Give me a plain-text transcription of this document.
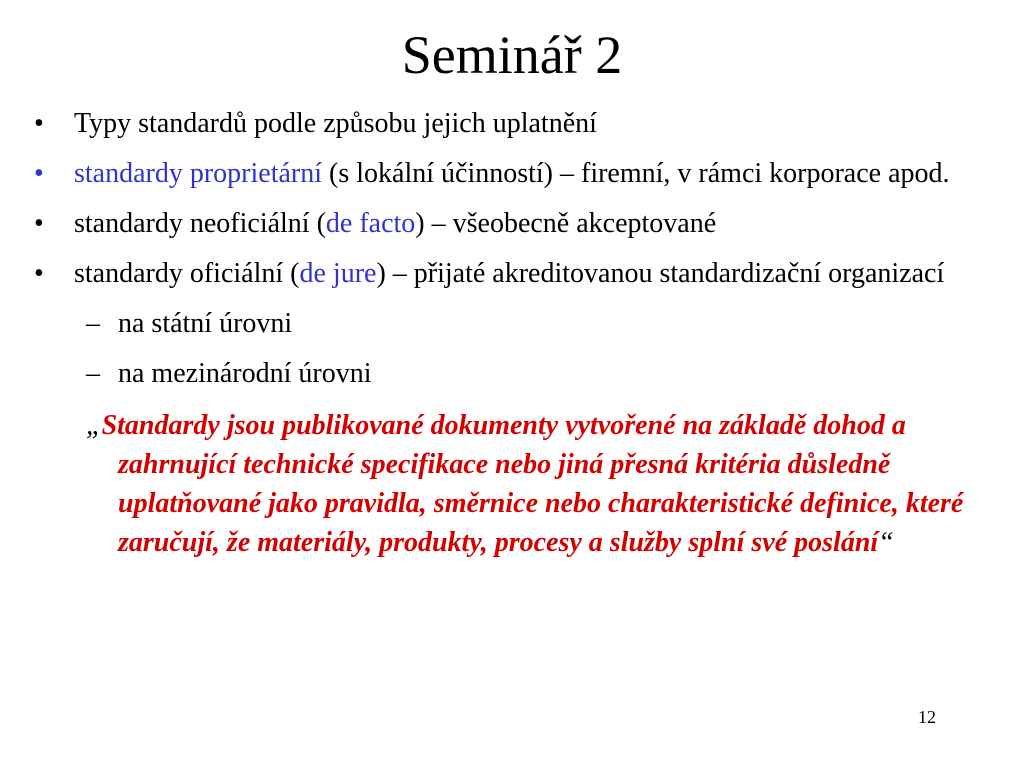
Seminář 2
• Typy standardů podle způsobu jejich uplatnění
• standardy proprietární (s lokální účinností) – firemní, v rámci korporace apod.
• standardy neoficiální (de facto) – všeobecně akceptované
• standardy oficiální (de jure) – přijaté akreditovanou standardizační organizací
– na státní úrovni
– na mezinárodní úrovni
„Standardy jsou publikované dokumenty vytvořené na základě dohod a zahrnující technické specifikace nebo jiná přesná kritéria důsledně uplatňované jako pravidla, směrnice nebo charakteristické definice, které zaručují, že materiály, produkty, procesy a služby splní své poslání“
12
